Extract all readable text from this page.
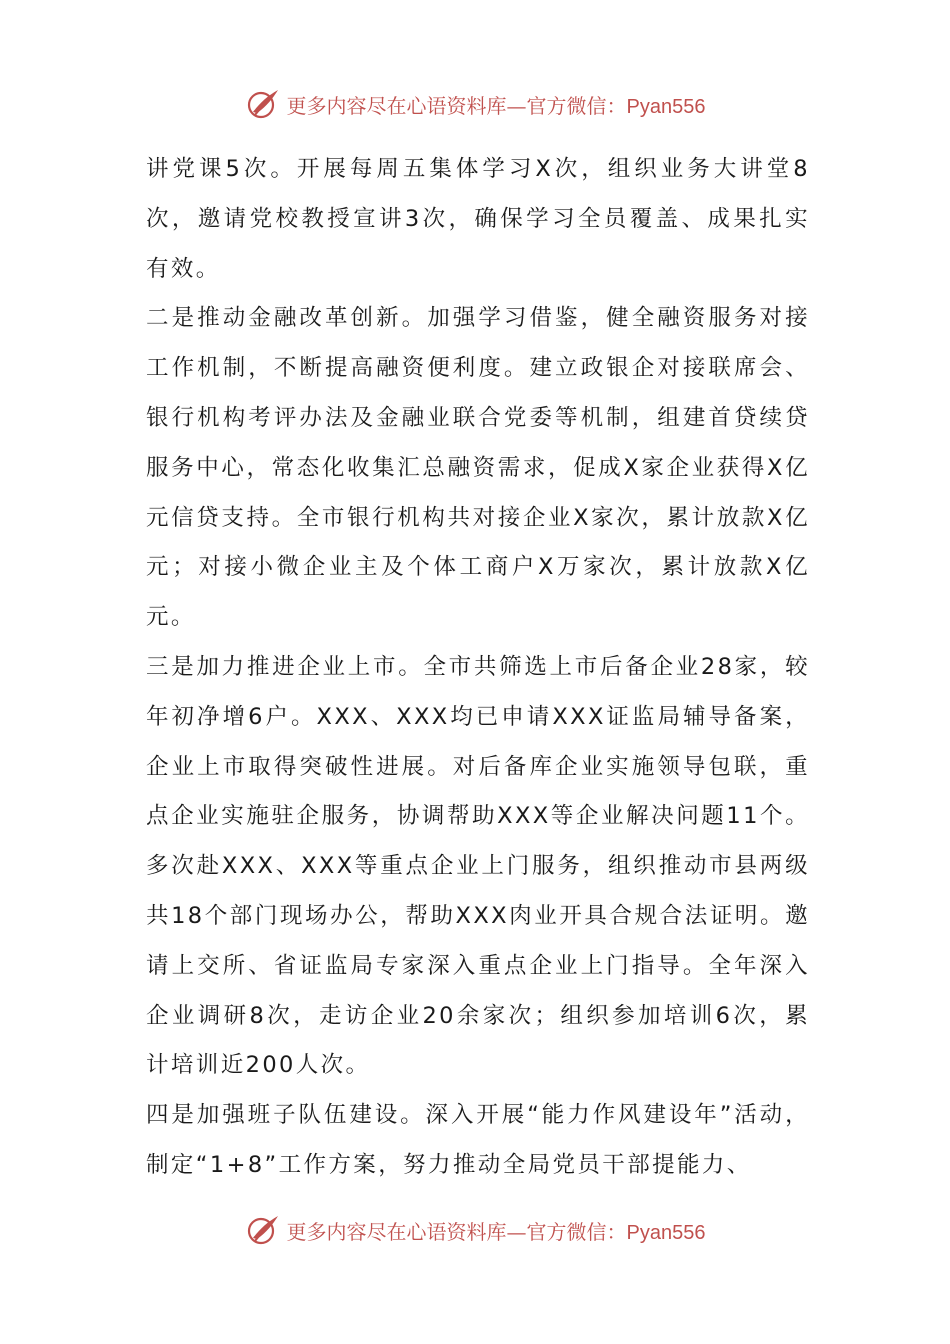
更多内容尽在心语资料库—官方微信：Pyan556

讲党课5次。开展每周五集体学习X次，组织业务大讲堂8次，邀请党校教授宣讲3次，确保学习全员覆盖、成果扎实有效。

二是推动金融改革创新。加强学习借鉴，健全融资服务对接工作机制，不断提高融资便利度。建立政银企对接联席会、银行机构考评办法及金融业联合党委等机制，组建首贷续贷服务中心，常态化收集汇总融资需求，促成X家企业获得X亿元信贷支持。全市银行机构共对接企业X家次，累计放款X亿元；对接小微企业主及个体工商户X万家次，累计放款X亿元。

三是加力推进企业上市。全市共筛选上市后备企业28家，较年初净增6户。XXX、XXX均已申请XXX证监局辅导备案，企业上市取得突破性进展。对后备库企业实施领导包联，重点企业实施驻企服务，协调帮助XXX等企业解决问题11个。多次赴XXX、XXX等重点企业上门服务，组织推动市县两级共18个部门现场办公，帮助XXX肉业开具合规合法证明。邀请上交所、省证监局专家深入重点企业上门指导。全年深入企业调研8次，走访企业20余家次；组织参加培训6次，累计培训近200人次。

四是加强班子队伍建设。深入开展“能力作风建设年”活动，制定“1+8”工作方案，努力推动全局党员干部提能力、

更多内容尽在心语资料库—官方微信：Pyan556
